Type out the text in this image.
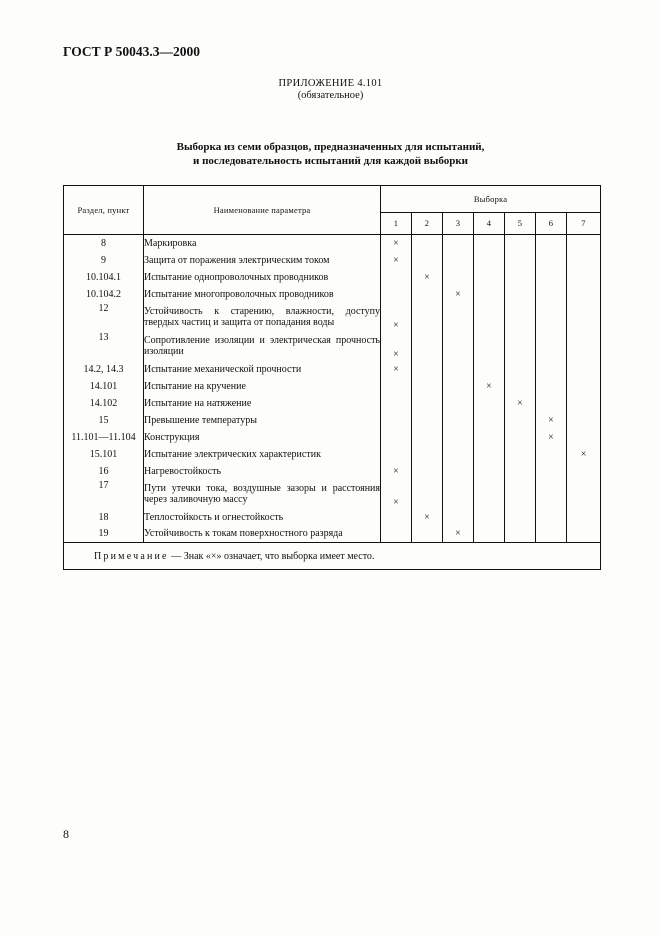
ГОСТ Р 50043.3—2000
ПРИЛОЖЕНИЕ 4.101
(обязательное)
Выборка из семи образцов, предназначенных для испытаний,
и последовательность испытаний для каждой выборки
Раздел, пункт	Наименование параметра	Выборка						
		1	2	3	4	5	6	7
8	Маркировка	×						
9	Защита от поражения электрическим током	×						
10.104.1	Испытание однопроволочных проводников		×					
10.104.2	Испытание многопроволочных проводников			×				
12	Устойчивость к старению, влажности, доступу твердых частиц и защита от попадания воды	×						
13	Сопротивление изоляции и электрическая прочность изоляции	×						
14.2, 14.3	Испытание механической прочности	×						
14.101	Испытание на кручение				×			
14.102	Испытание на натяжение					×		
15	Превышение температуры						×	
11.101—11.104	Конструкция						×	
15.101	Испытание электрических характеристик							×
16	Нагревостойкость	×						
17	Пути утечки тока, воздушные зазоры и расстояния через заливочную массу	×						
18	Теплостойкость и огнестойкость		×					
19	Устойчивость к токам поверхностного разряда			×				
Примечание — Знак «×» означает, что выборка имеет место.								
8
